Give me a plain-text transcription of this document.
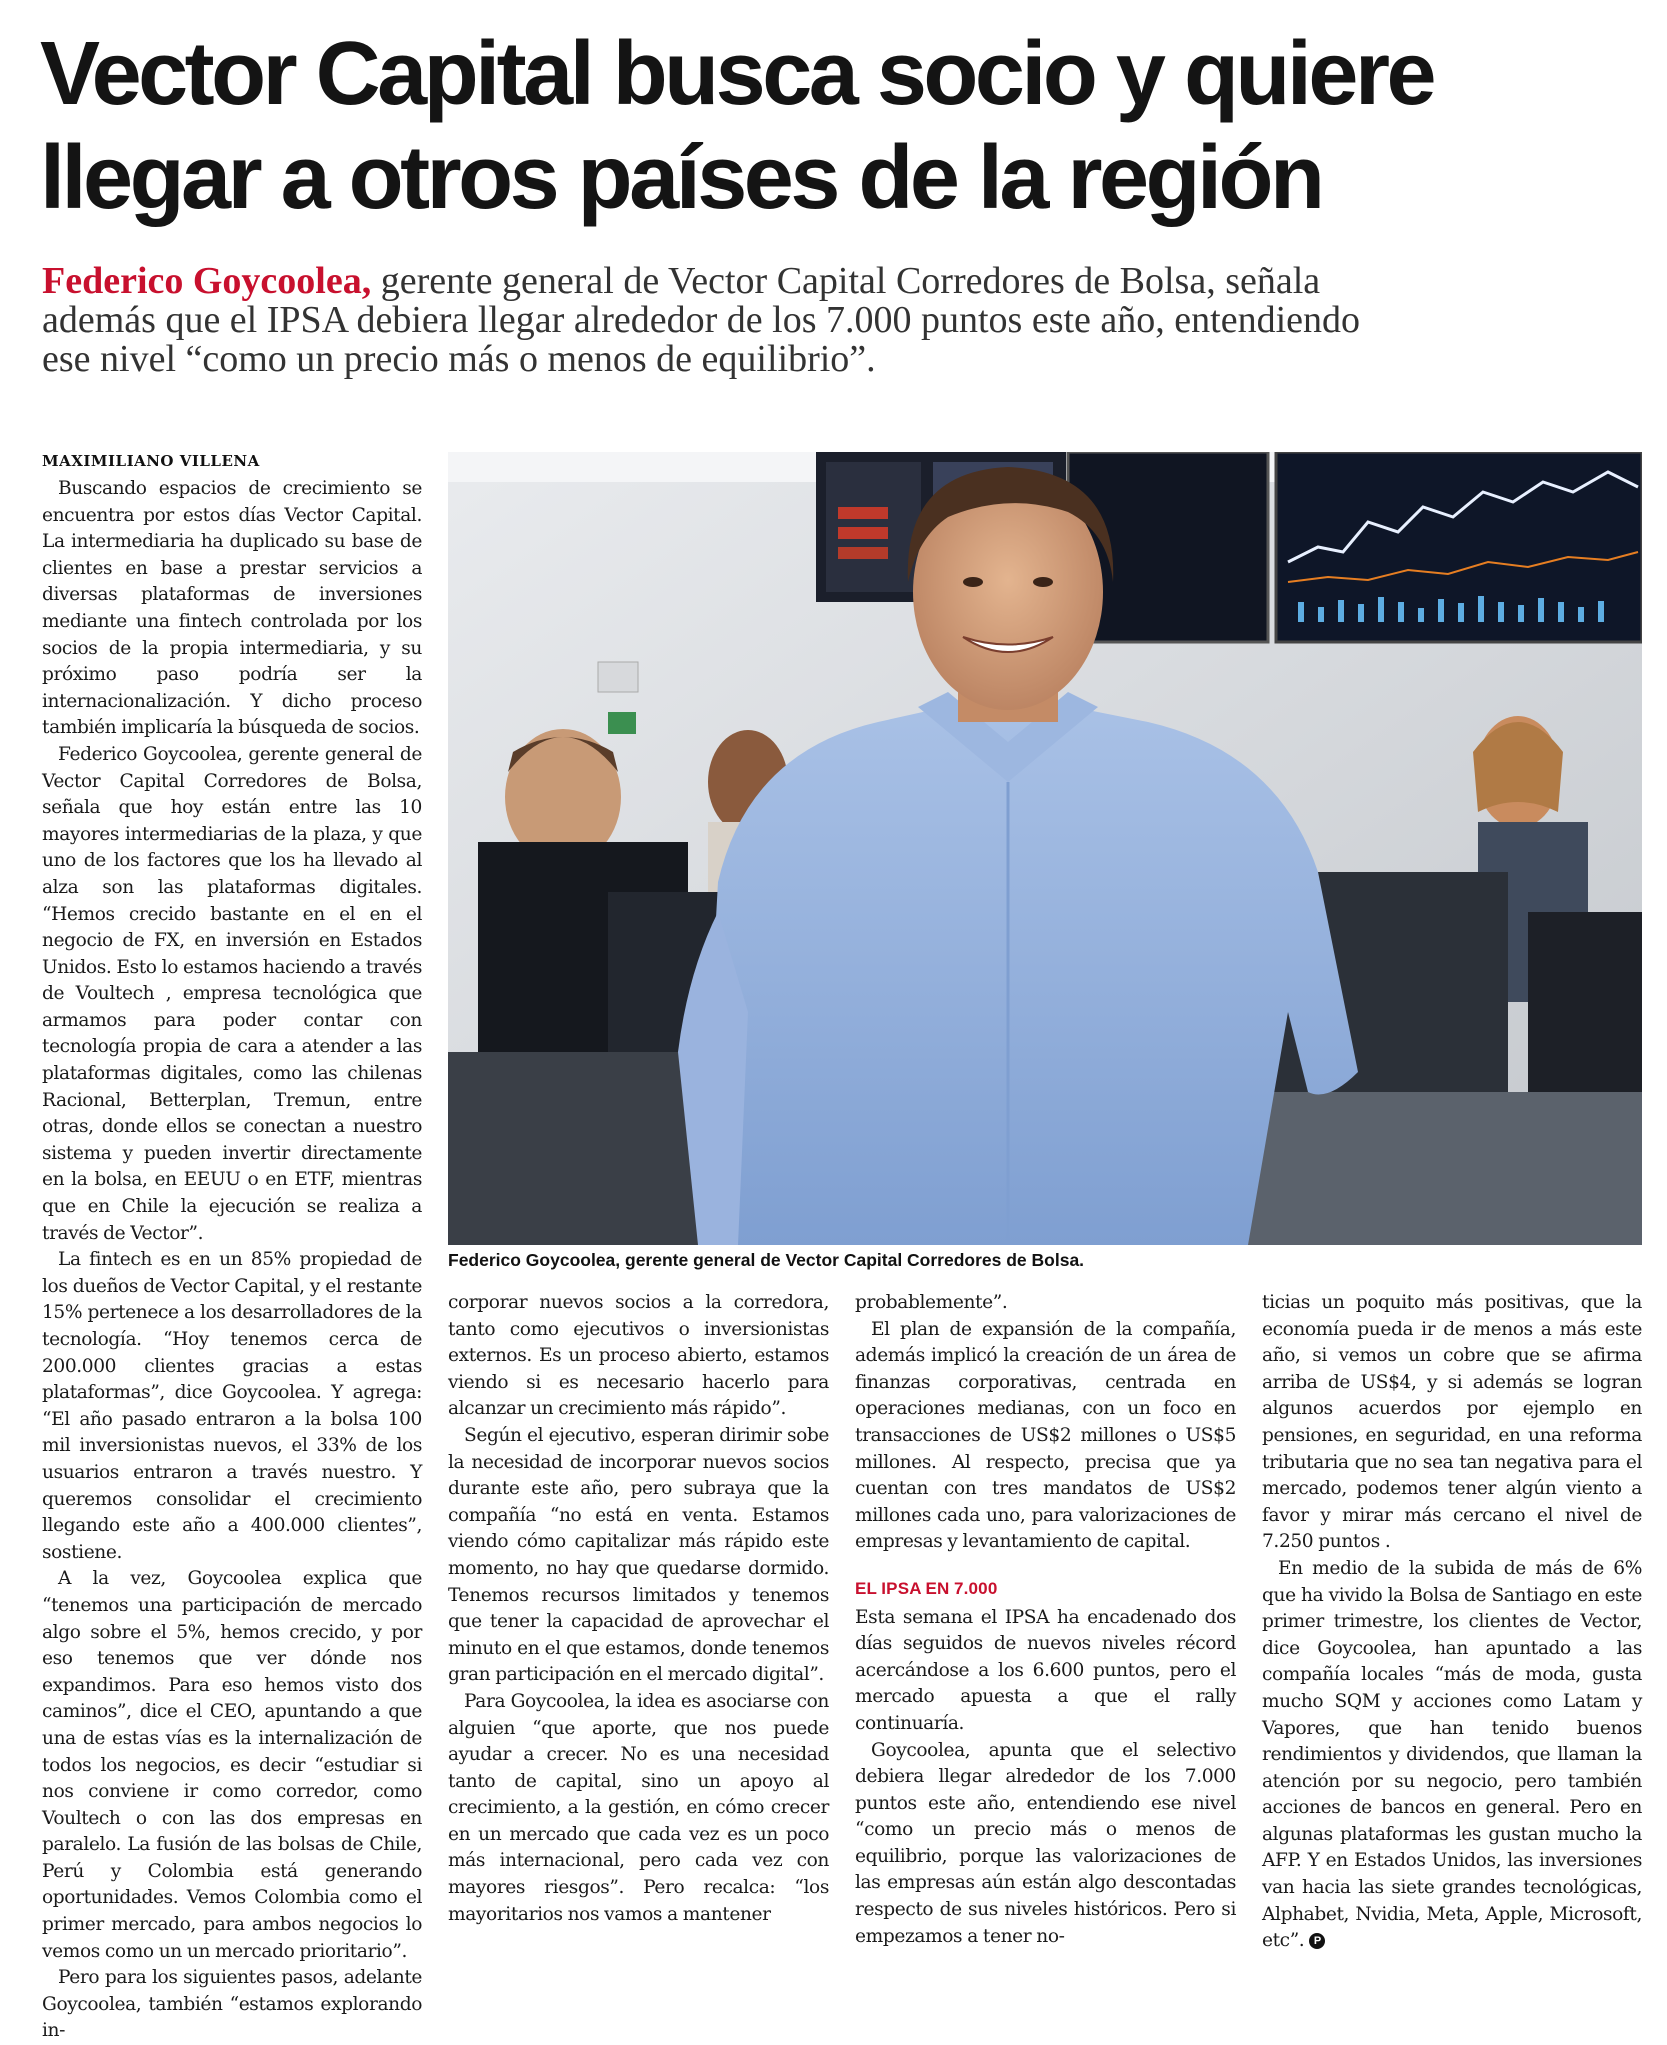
Vector Capital busca socio y quiere llegar a otros países de la región

Federico Goycoolea, gerente general de Vector Capital Corredores de Bolsa, señala además que el IPSA debiera llegar alrededor de los 7.000 puntos este año, entendiendo ese nivel “como un precio más o menos de equilibrio”.

MAXIMILIANO VILLENA

Buscando espacios de crecimiento se encuentra por estos días Vector Capital. La intermediaria ha duplicado su base de clientes en base a prestar servicios a diversas plataformas de inversiones mediante una fintech controlada por los socios de la propia intermediaria, y su próximo paso podría ser la internacionalización. Y dicho proceso también implicaría la búsqueda de socios.

Federico Goycoolea, gerente general de Vector Capital Corredores de Bolsa, señala que hoy están entre las 10 mayores intermediarias de la plaza, y que uno de los factores que los ha llevado al alza son las plataformas digitales. “Hemos crecido bastante en el en el negocio de FX, en inversión en Estados Unidos. Esto lo estamos haciendo a través de Voultech , empresa tecnológica que armamos para poder contar con tecnología propia de cara a atender a las plataformas digitales, como las chilenas Racional, Betterplan, Tremun, entre otras, donde ellos se conectan a nuestro sistema y pueden invertir directamente en la bolsa, en EEUU o en ETF, mientras que en Chile la ejecución se realiza a través de Vector”.

La fintech es en un 85% propiedad de los dueños de Vector Capital, y el restante 15% pertenece a los desarrolladores de la tecnología. “Hoy tenemos cerca de 200.000 clientes gracias a estas plataformas”, dice Goycoolea. Y agrega: “El año pasado entraron a la bolsa 100 mil inversionistas nuevos, el 33% de los usuarios entraron a través nuestro. Y queremos consolidar el crecimiento llegando este año a 400.000 clientes”, sostiene.

A la vez, Goycoolea explica que “tenemos una participación de mercado algo sobre el 5%, hemos crecido, y por eso tenemos que ver dónde nos expandimos. Para eso hemos visto dos caminos”, dice el CEO, apuntando a que una de estas vías es la internalización de todos los negocios, es decir “estudiar si nos conviene ir como corredor, como Voultech o con las dos empresas en paralelo. La fusión de las bolsas de Chile, Perú y Colombia está generando oportunidades. Vemos Colombia como el primer mercado, para ambos negocios lo vemos como un un mercado prioritario”.

Pero para los siguientes pasos, adelante Goycoolea, también “estamos explorando in-

Federico Goycoolea, gerente general de Vector Capital Corredores de Bolsa.

corporar nuevos socios a la corredora, tanto como ejecutivos o inversionistas externos. Es un proceso abierto, estamos viendo si es necesario hacerlo para alcanzar un crecimiento más rápido”.

Según el ejecutivo, esperan dirimir sobe la necesidad de incorporar nuevos socios durante este año, pero subraya que la compañía “no está en venta. Estamos viendo cómo capitalizar más rápido este momento, no hay que quedarse dormido. Tenemos recursos limitados y tenemos que tener la capacidad de aprovechar el minuto en el que estamos, donde tenemos gran participación en el mercado digital”.

Para Goycoolea, la idea es asociarse con alguien “que aporte, que nos puede ayudar a crecer. No es una necesidad tanto de capital, sino un apoyo al crecimiento, a la gestión, en cómo crecer en un mercado que cada vez es un poco más internacional, pero cada vez con mayores riesgos”. Pero recalca: “los mayoritarios nos vamos a mantener

probablemente”.

El plan de expansión de la compañía, además implicó la creación de un área de finanzas corporativas, centrada en operaciones medianas, con un foco en transacciones de US$2 millones o US$5 millones. Al respecto, precisa que ya cuentan con tres mandatos de US$2 millones cada uno, para valorizaciones de empresas y levantamiento de capital.

EL IPSA EN 7.000

Esta semana el IPSA ha encadenado dos días seguidos de nuevos niveles récord acercándose a los 6.600 puntos, pero el mercado apuesta a que el rally continuaría.

Goycoolea, apunta que el selectivo debiera llegar alrededor de los 7.000 puntos este año, entendiendo ese nivel “como un precio más o menos de equilibrio, porque las valorizaciones de las empresas aún están algo descontadas respecto de sus niveles históricos. Pero si empezamos a tener no-

ticias un poquito más positivas, que la economía pueda ir de menos a más este año, si vemos un cobre que se afirma arriba de US$4, y si además se logran algunos acuerdos por ejemplo en pensiones, en seguridad, en una reforma tributaria que no sea tan negativa para el mercado, podemos tener algún viento a favor y mirar más cercano el nivel de 7.250 puntos .

En medio de la subida de más de 6% que ha vivido la Bolsa de Santiago en este primer trimestre, los clientes de Vector, dice Goycoolea, han apuntado a las compañía locales “más de moda, gusta mucho SQM y acciones como Latam y Vapores, que han tenido buenos rendimientos y dividendos, que llaman la atención por su negocio, pero también acciones de bancos en general. Pero en algunas plataformas les gustan mucho la AFP. Y en Estados Unidos, las inversiones van hacia las siete grandes tecnológicas, Alphabet, Nvidia, Meta, Apple, Microsoft, etc”. P
